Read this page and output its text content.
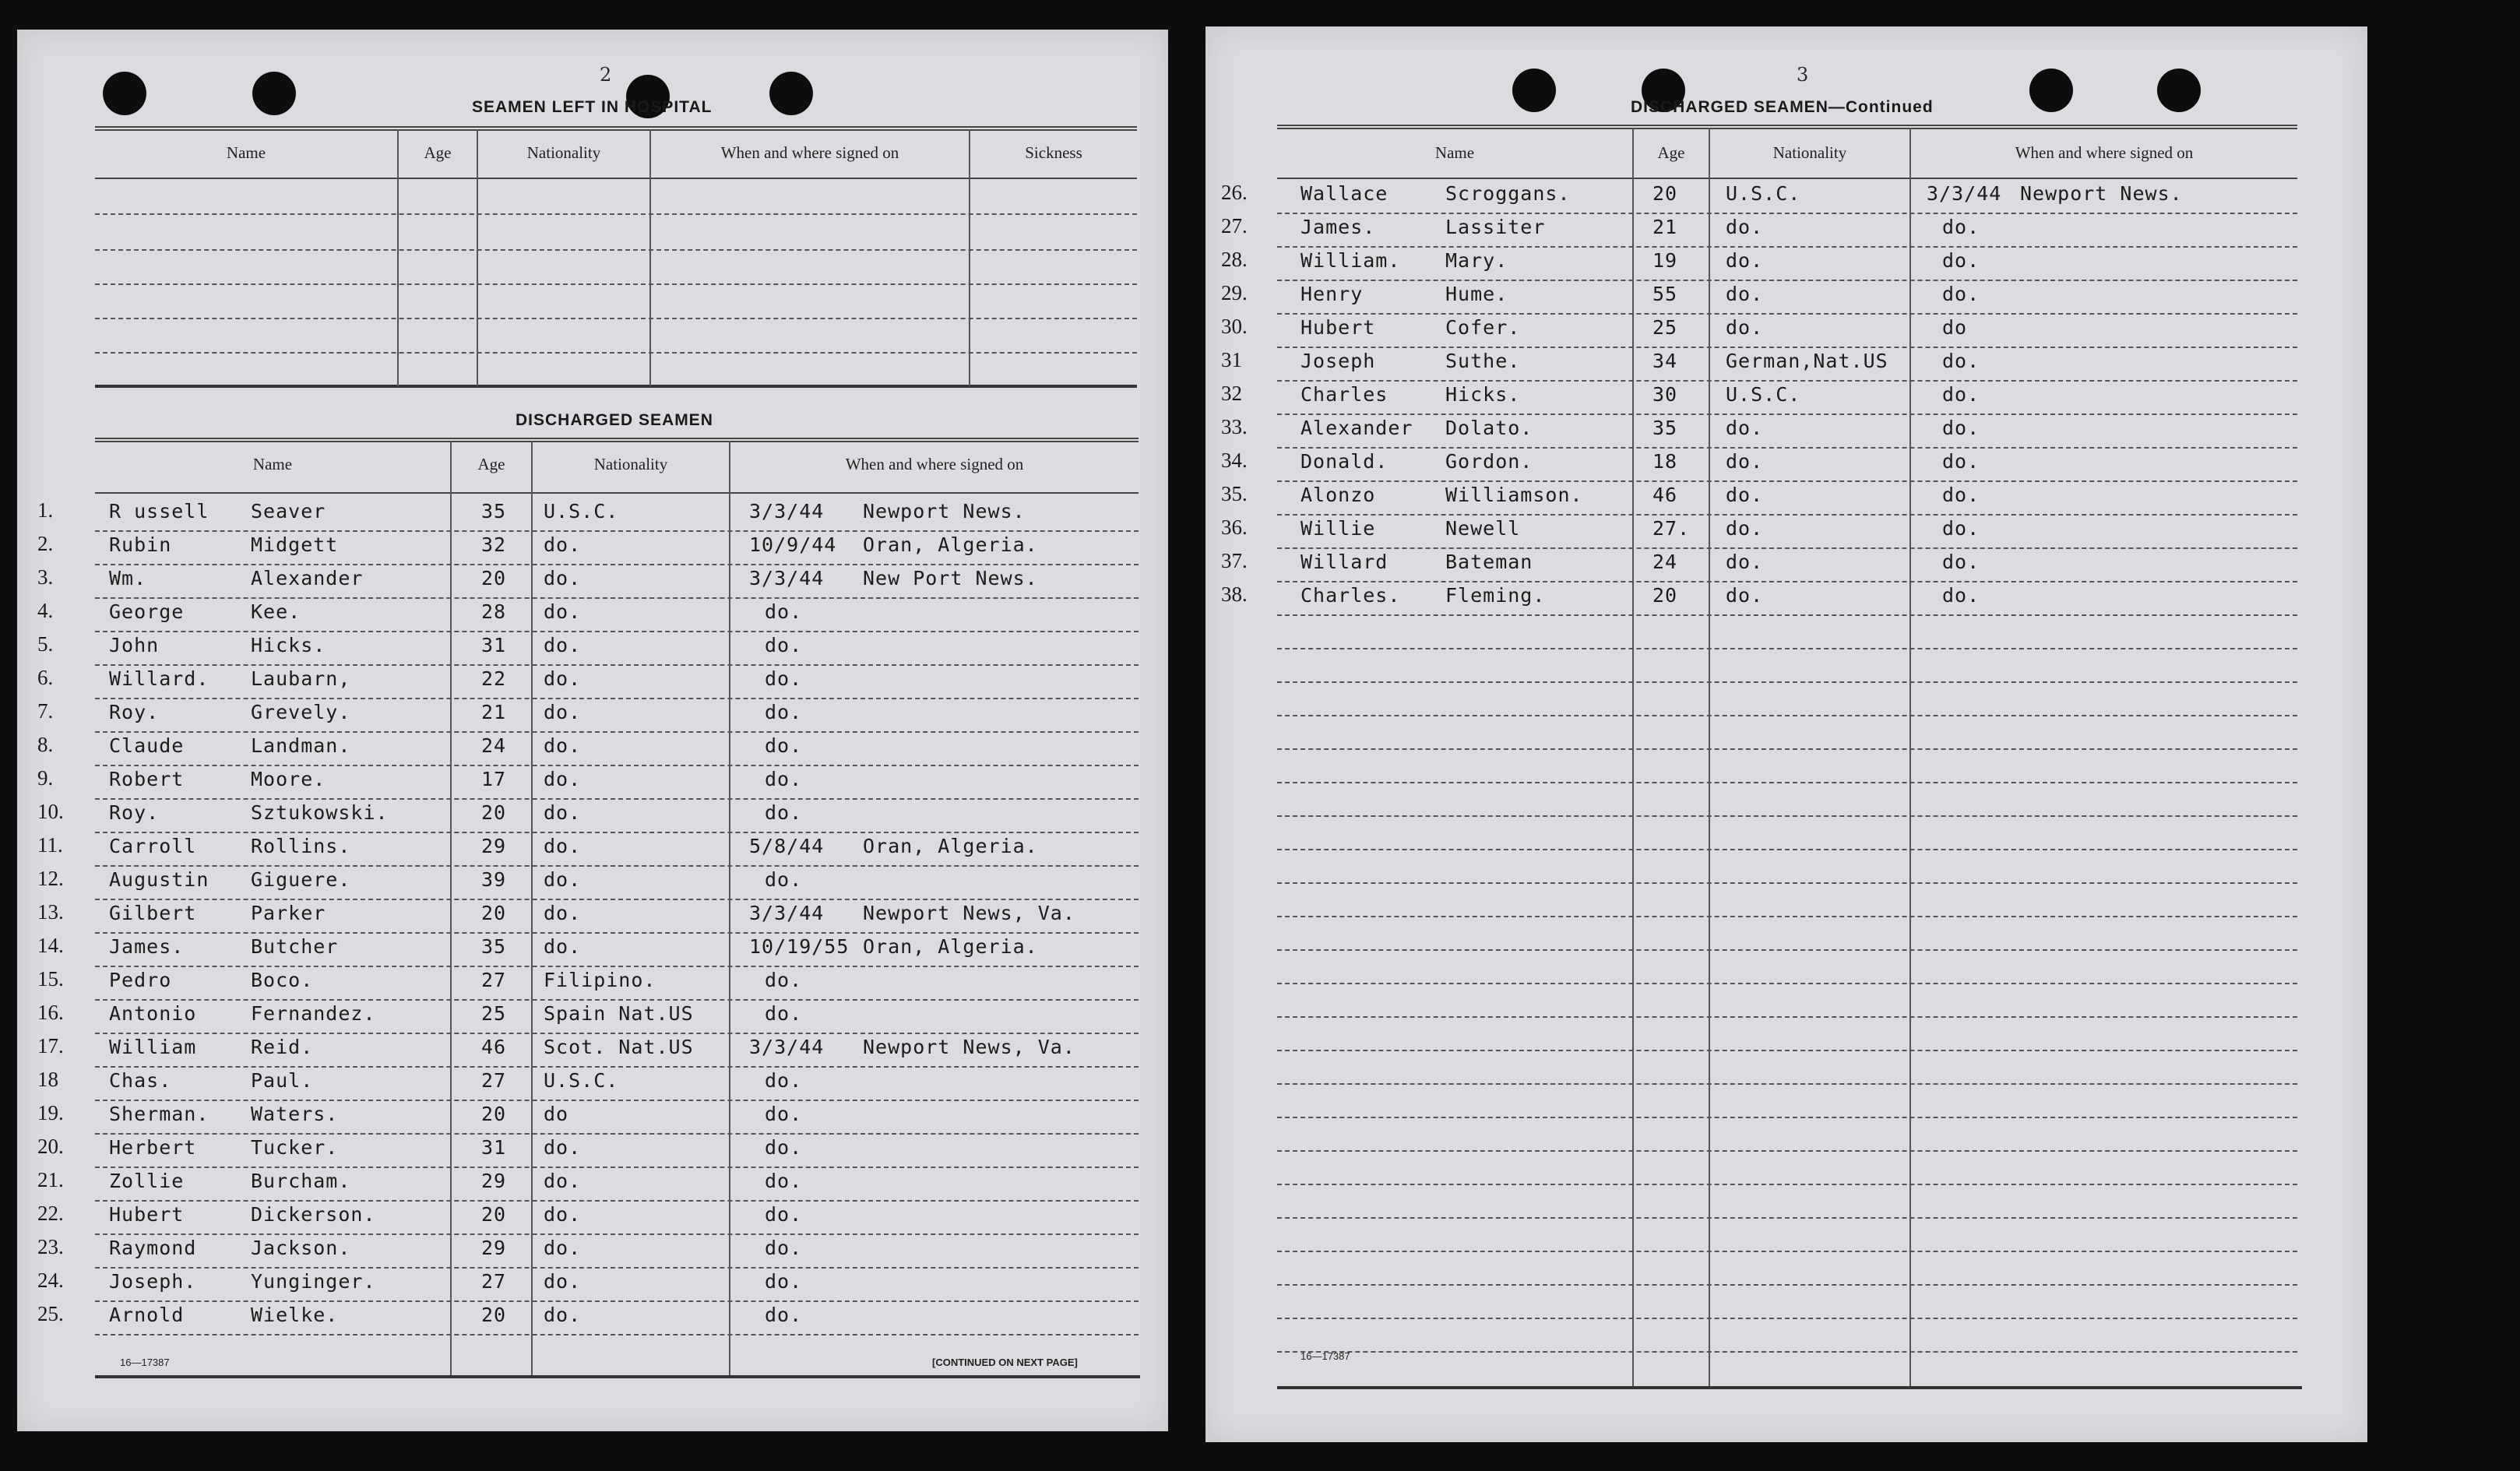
2
SEAMEN LEFT IN HOSPITAL
Name	Age	Nationality	When and where signed on	Sickness
DISCHARGED SEAMEN
Name	Age	Nationality	When and where signed on
1.	R ussell Seaver	35 U.S.C.	3/3/44 Newport News.
2.	Rubin	Midgett	32 do.	10/9/44 Oran, Algeria.
3.	Wm.	Alexander	20 do.	3/3/44 New Port News.
4.	George	Kee.	28 do.	do.
5.	John	Hicks.	31 do.	do.
6.	Willard. Laubarn,	22 do.	do.
7.	Roy.	Grevely.	21 do.	do.
8.	Claude	Landman.	24 do.	do.
9.	Robert	Moore.	17 do.	do.
10. Roy.	Sztukowski.	20 do.	do.
11. Carroll	Rollins.	29 do.	5/8/44 Oran, Algeria.
12. Augustin Giguere.	39 do.	do.
13. Gilbert	Parker	20 do.	3/3/44 Newport News, Va.
14. James.	Butcher	35 do.	10/19/55 Oran, Algeria.
15. Pedro	Boco.	27 Filipino.	do.
16. Antonio	Fernandez.	25 Spain Nat.US	do.
17. William	Reid.	46 Scot. Nat.US	3/3/44 Newport News, Va.
18	Chas.	Paul.	27 U.S.C.	do.
19. Sherman. Waters.	20 do	do.
20. Herbert	Tucker.	31 do.	do.
21. Zollie	Burcham.	29 do.	do.
22. Hubert	Dickerson.	20 do.	do.
23. Raymond	Jackson.	29 do.	do.
24. Joseph.	Yunginger.	27 do.	do.
25. Arnold	Wielke.	20 do.	do.
16—17387	[CONTINUED ON NEXT PAGE]
3
DISCHARGED SEAMEN—Continued
Name	Age	Nationality	When and where signed on
26.	Wallace	Scroggans.	20 U.S.C.	3/3/44 Newport News.
27.	James.	Lassiter	21 do.	do.
28.	William. Mary.	19 do.	do.
29.	Henry	Hume.	55 do.	do.
30.	Hubert	Cofer.	25 do.	do
31	Joseph	Suthe.	34 German,Nat.US	do.
32	Charles	Hicks.	30 U.S.C.	do.
33.	Alexander Dolato.	35 do.	do.
34.	Donald.	Gordon.	18 do.	do.
35.	Alonzo	Williamson.	46 do.	do.
36.	Willie	Newell	27. do.	do.
37.	Willard	Bateman	24 do.	do.
38.	Charles. Fleming.	20 do.	do.
16—17387
